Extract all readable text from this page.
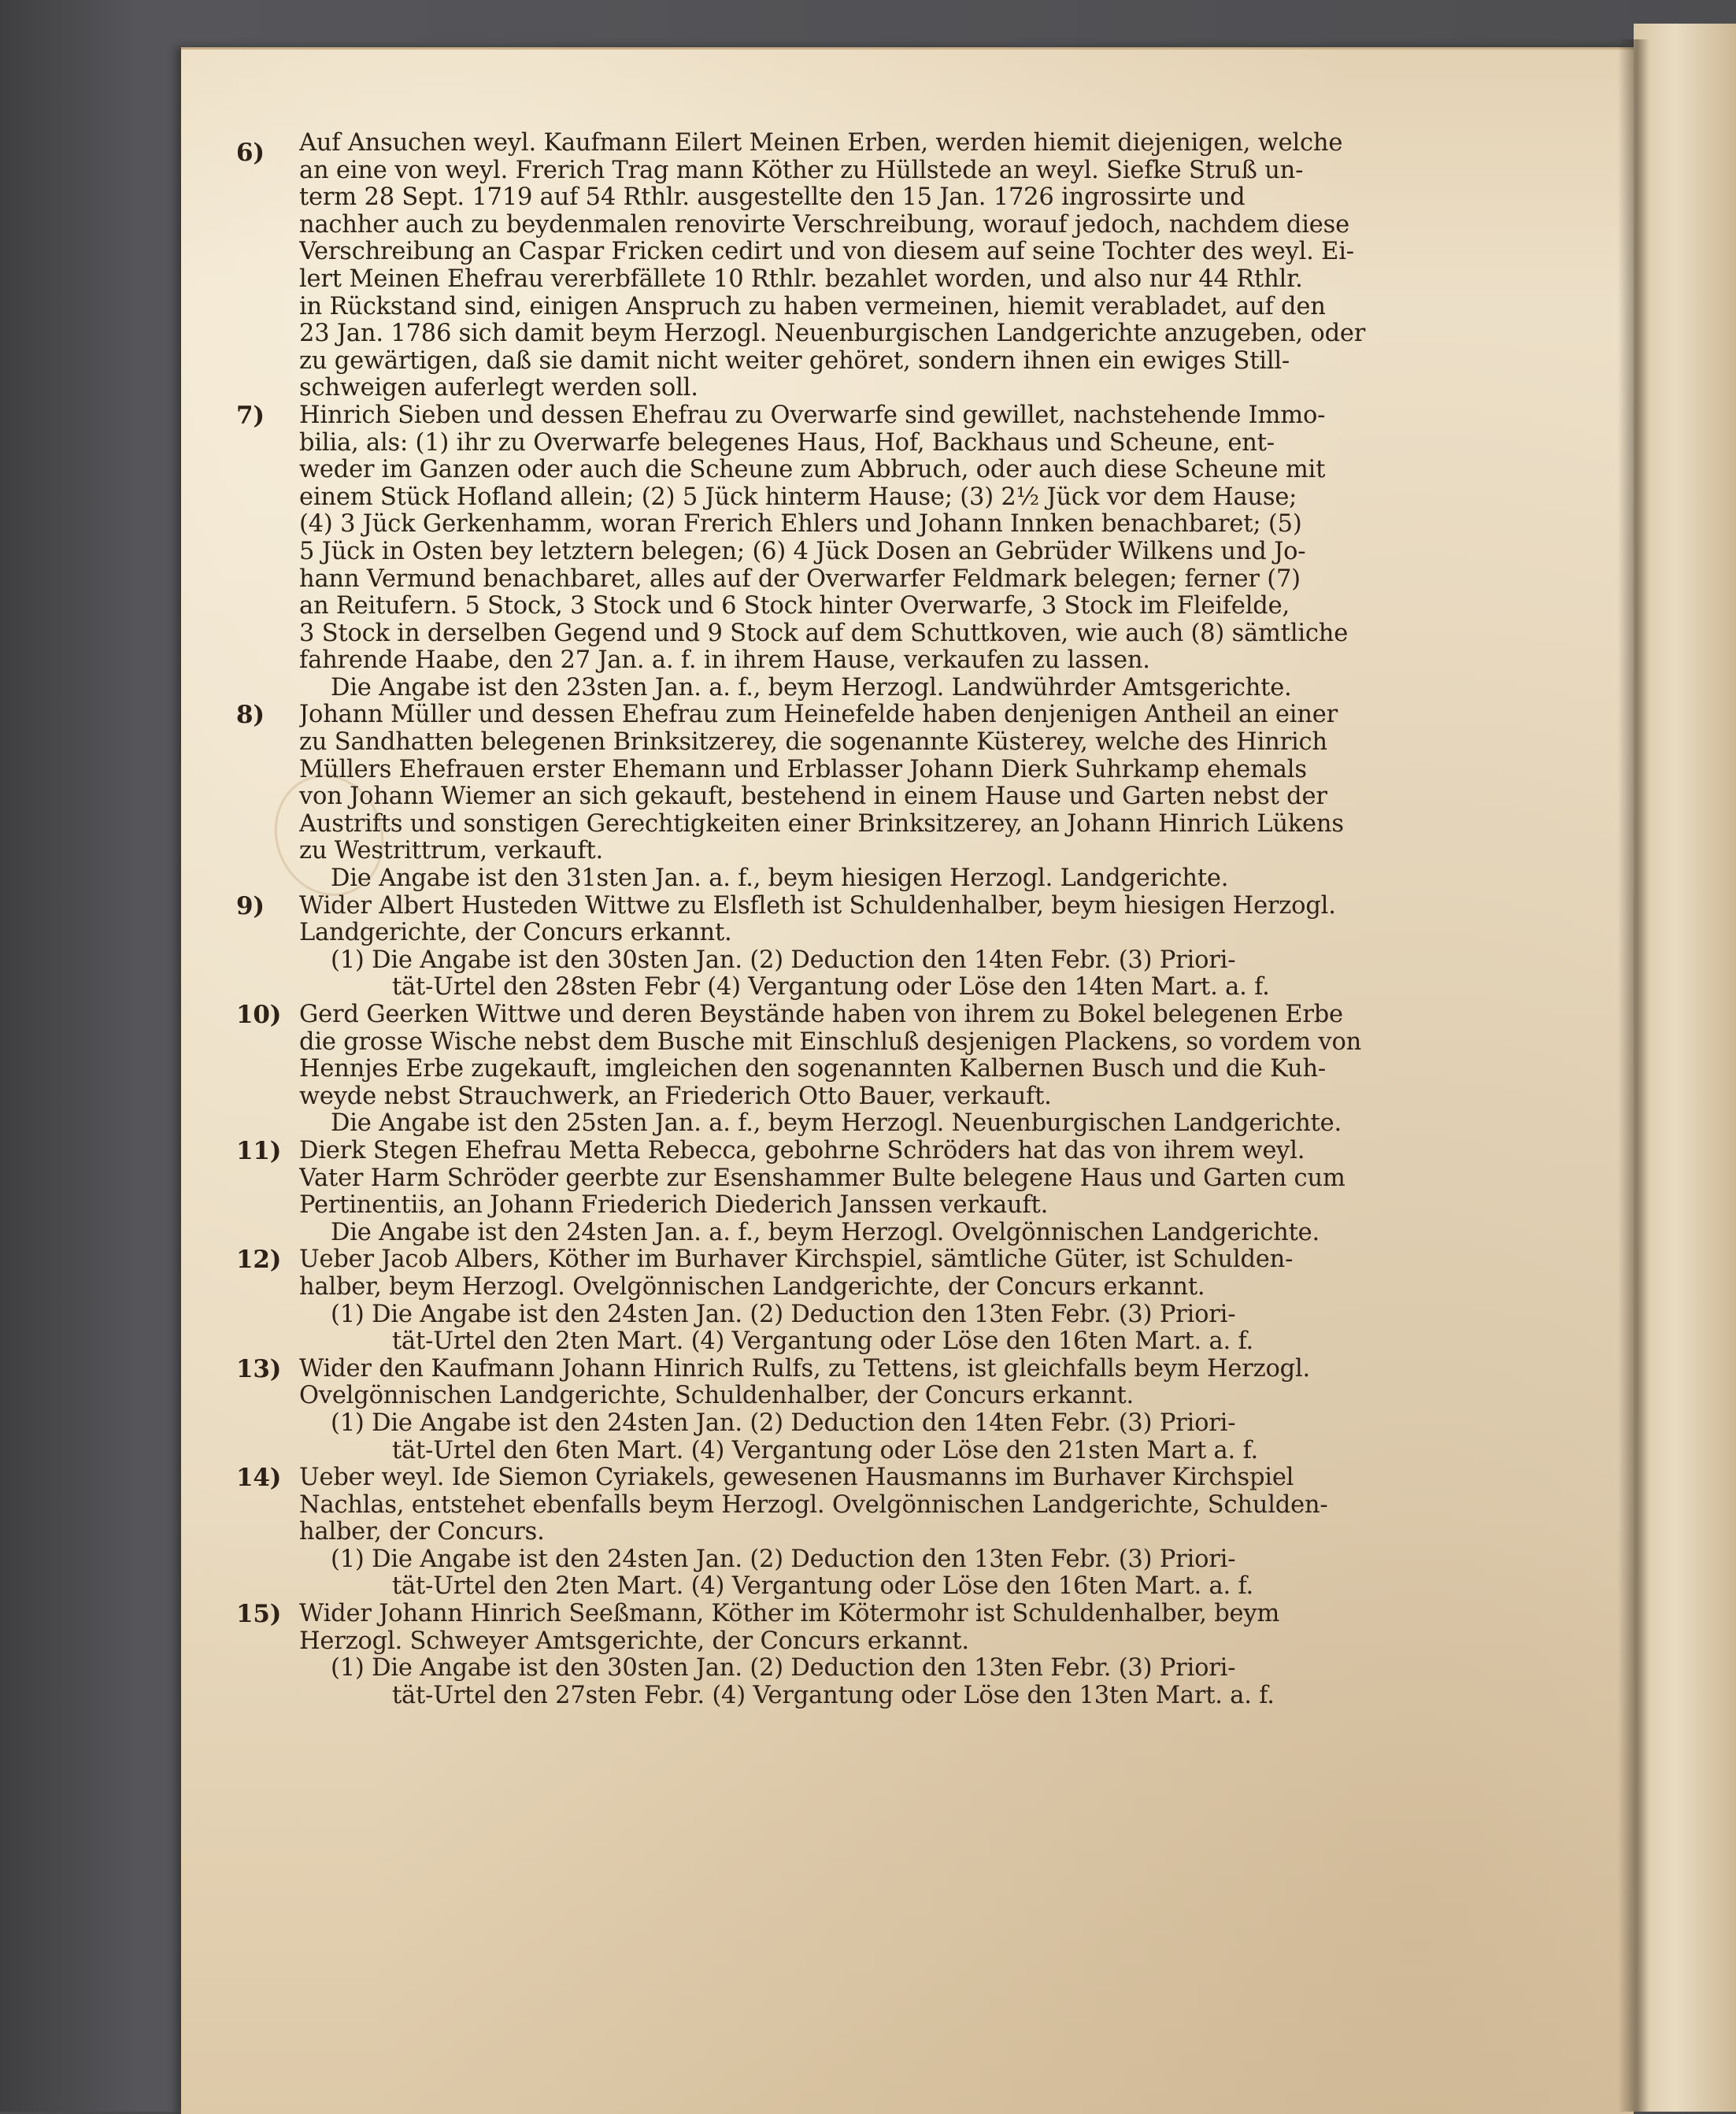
6)	Auf Ansuchen weyl. Kaufmann Eilert Meinen Erben, werden hiemit diejenigen, welche
an eine von weyl. Frerich Trag mann Köther zu Hüllstede an weyl. Siefke Struß un-
term 28 Sept. 1719 auf 54 Rthlr. ausgestellte den 15 Jan. 1726 ingrossirte und
nachher auch zu beydenmalen renovirte Verschreibung, worauf jedoch, nachdem diese
Verschreibung an Caspar Fricken cedirt und von diesem auf seine Tochter des weyl. Ei-
lert Meinen Ehefrau vererbfällete 10 Rthlr. bezahlet worden, und also nur 44 Rthlr.
in Rückstand sind, einigen Anspruch zu haben vermeinen, hiemit verabladet, auf den
23 Jan. 1786 sich damit beym Herzogl. Neuenburgischen Landgerichte anzugeben, oder
zu gewärtigen, daß sie damit nicht weiter gehöret, sondern ihnen ein ewiges Still-
schweigen auferlegt werden soll.
7)	Hinrich Sieben und dessen Ehefrau zu Overwarfe sind gewillet, nachstehende Immo-
bilia, als: (1) ihr zu Overwarfe belegenes Haus, Hof, Backhaus und Scheune, ent-
weder im Ganzen oder auch die Scheune zum Abbruch, oder auch diese Scheune mit
einem Stück Hofland allein; (2) 5 Jück hinterm Hause; (3) 2½ Jück vor dem Hause;
(4) 3 Jück Gerkenhamm, woran Frerich Ehlers und Johann Innken benachbaret; (5)
5 Jück in Osten bey letztern belegen; (6) 4 Jück Dosen an Gebrüder Wilkens und Jo-
hann Vermund benachbaret, alles auf der Overwarfer Feldmark belegen; ferner (7)
an Reitufern. 5 Stock, 3 Stock und 6 Stock hinter Overwarfe, 3 Stock im Fleifelde,
3 Stock in derselben Gegend und 9 Stock auf dem Schuttkoven, wie auch (8) sämtliche
fahrende Haabe, den 27 Jan. a. f. in ihrem Hause, verkaufen zu lassen.
Die Angabe ist den 23sten Jan. a. f., beym Herzogl. Landwührder Amtsgerichte.
8)	Johann Müller und dessen Ehefrau zum Heinefelde haben denjenigen Antheil an einer
zu Sandhatten belegenen Brinksitzerey, die sogenannte Küsterey, welche des Hinrich
Müllers Ehefrauen erster Ehemann und Erblasser Johann Dierk Suhrkamp ehemals
von Johann Wiemer an sich gekauft, bestehend in einem Hause und Garten nebst der
Austrifts und sonstigen Gerechtigkeiten einer Brinksitzerey, an Johann Hinrich Lükens
zu Westrittrum, verkauft.
Die Angabe ist den 31sten Jan. a. f., beym hiesigen Herzogl. Landgerichte.
9)	Wider Albert Husteden Wittwe zu Elsfleth ist Schuldenhalber, beym hiesigen Herzogl.
Landgerichte, der Concurs erkannt.
(1) Die Angabe ist den 30sten Jan. (2) Deduction den 14ten Febr. (3) Priori-
tät-Urtel den 28sten Febr (4) Vergantung oder Löse den 14ten Mart. a. f.
10) Gerd Geerken Wittwe und deren Beystände haben von ihrem zu Bokel belegenen Erbe
die grosse Wische nebst dem Busche mit Einschluß desjenigen Plackens, so vordem von
Hennjes Erbe zugekauft, imgleichen den sogenannten Kalbernen Busch und die Kuh-
weyde nebst Strauchwerk, an Friederich Otto Bauer, verkauft.
Die Angabe ist den 25sten Jan. a. f., beym Herzogl. Neuenburgischen Landgerichte.
11) Dierk Stegen Ehefrau Metta Rebecca, gebohrne Schröders hat das von ihrem weyl.
Vater Harm Schröder geerbte zur Esenshammer Bulte belegene Haus und Garten cum
Pertinentiis, an Johann Friederich Diederich Janssen verkauft.
Die Angabe ist den 24sten Jan. a. f., beym Herzogl. Ovelgönnischen Landgerichte.
12) Ueber Jacob Albers, Köther im Burhaver Kirchspiel, sämtliche Güter, ist Schulden-
halber, beym Herzogl. Ovelgönnischen Landgerichte, der Concurs erkannt.
(1) Die Angabe ist den 24sten Jan. (2) Deduction den 13ten Febr. (3) Priori-
tät-Urtel den 2ten Mart. (4) Vergantung oder Löse den 16ten Mart. a. f.
13) Wider den Kaufmann Johann Hinrich Rulfs, zu Tettens, ist gleichfalls beym Herzogl.
Ovelgönnischen Landgerichte, Schuldenhalber, der Concurs erkannt.
(1) Die Angabe ist den 24sten Jan. (2) Deduction den 14ten Febr. (3) Priori-
tät-Urtel den 6ten Mart. (4) Vergantung oder Löse den 21sten Mart a. f.
14) Ueber weyl. Ide Siemon Cyriakels, gewesenen Hausmanns im Burhaver Kirchspiel
Nachlas, entstehet ebenfalls beym Herzogl. Ovelgönnischen Landgerichte, Schulden-
halber, der Concurs.
(1) Die Angabe ist den 24sten Jan. (2) Deduction den 13ten Febr. (3) Priori-
tät-Urtel den 2ten Mart. (4) Vergantung oder Löse den 16ten Mart. a. f.
15) Wider Johann Hinrich Seeßmann, Köther im Kötermohr ist Schuldenhalber, beym
Herzogl. Schweyer Amtsgerichte, der Concurs erkannt.
(1) Die Angabe ist den 30sten Jan. (2) Deduction den 13ten Febr. (3) Priori-
tät-Urtel den 27sten Febr. (4) Vergantung oder Löse den 13ten Mart. a. f.
